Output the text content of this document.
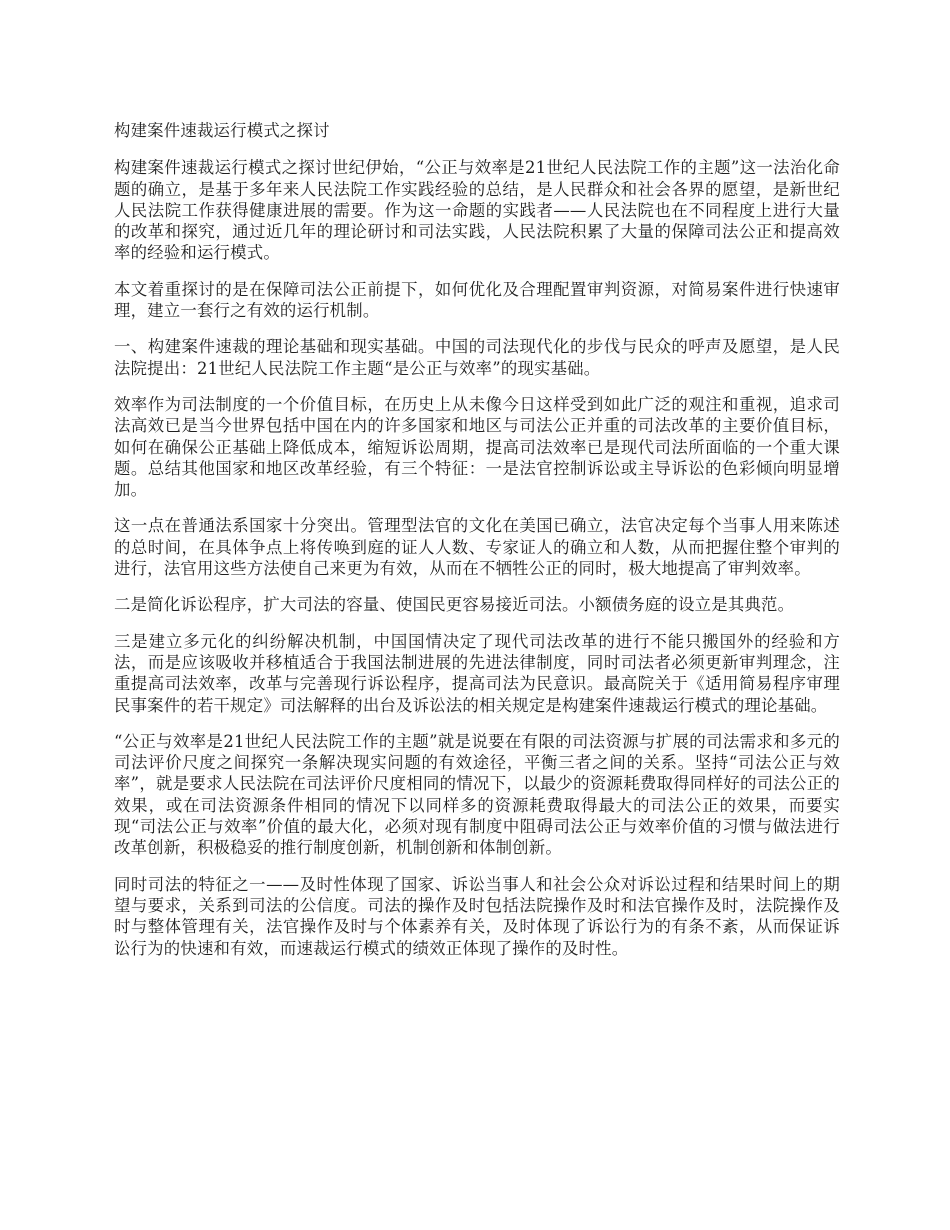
构建案件速裁运行模式之探讨

构建案件速裁运行模式之探讨世纪伊始，“公正与效率是21世纪人民法院工作的主题”这一法治化命题的确立，是基于多年来人民法院工作实践经验的总结，是人民群众和社会各界的愿望，是新世纪人民法院工作获得健康进展的需要。作为这一命题的实践者——人民法院也在不同程度上进行大量的改革和探究，通过近几年的理论研讨和司法实践，人民法院积累了大量的保障司法公正和提高效率的经验和运行模式。

本文着重探讨的是在保障司法公正前提下，如何优化及合理配置审判资源，对简易案件进行快速审理，建立一套行之有效的运行机制。

一、构建案件速裁的理论基础和现实基础。中国的司法现代化的步伐与民众的呼声及愿望，是人民法院提出：21世纪人民法院工作主题“是公正与效率”的现实基础。

效率作为司法制度的一个价值目标，在历史上从未像今日这样受到如此广泛的观注和重视，追求司法高效已是当今世界包括中国在内的许多国家和地区与司法公正并重的司法改革的主要价值目标，如何在确保公正基础上降低成本，缩短诉讼周期，提高司法效率已是现代司法所面临的一个重大课题。总结其他国家和地区改革经验，有三个特征：一是法官控制诉讼或主导诉讼的色彩倾向明显增加。

这一点在普通法系国家十分突出。管理型法官的文化在美国已确立，法官决定每个当事人用来陈述的总时间，在具体争点上将传唤到庭的证人人数、专家证人的确立和人数，从而把握住整个审判的进行，法官用这些方法使自己来更为有效，从而在不牺牲公正的同时，极大地提高了审判效率。

二是简化诉讼程序，扩大司法的容量、使国民更容易接近司法。小额债务庭的设立是其典范。

三是建立多元化的纠纷解决机制，中国国情决定了现代司法改革的进行不能只搬国外的经验和方法，而是应该吸收并移植适合于我国法制进展的先进法律制度，同时司法者必须更新审判理念，注重提高司法效率，改革与完善现行诉讼程序，提高司法为民意识。最高院关于《适用简易程序审理民事案件的若干规定》司法解释的出台及诉讼法的相关规定是构建案件速裁运行模式的理论基础。

“公正与效率是21世纪人民法院工作的主题”就是说要在有限的司法资源与扩展的司法需求和多元的司法评价尺度之间探究一条解决现实问题的有效途径，平衡三者之间的关系。坚持“司法公正与效率”，就是要求人民法院在司法评价尺度相同的情况下，以最少的资源耗费取得同样好的司法公正的效果，或在司法资源条件相同的情况下以同样多的资源耗费取得最大的司法公正的效果，而要实现“司法公正与效率”价值的最大化，必须对现有制度中阻碍司法公正与效率价值的习惯与做法进行改革创新，积极稳妥的推行制度创新，机制创新和体制创新。

同时司法的特征之一——及时性体现了国家、诉讼当事人和社会公众对诉讼过程和结果时间上的期望与要求，关系到司法的公信度。司法的操作及时包括法院操作及时和法官操作及时，法院操作及时与整体管理有关，法官操作及时与个体素养有关，及时体现了诉讼行为的有条不紊，从而保证诉讼行为的快速和有效，而速裁运行模式的绩效正体现了操作的及时性。
